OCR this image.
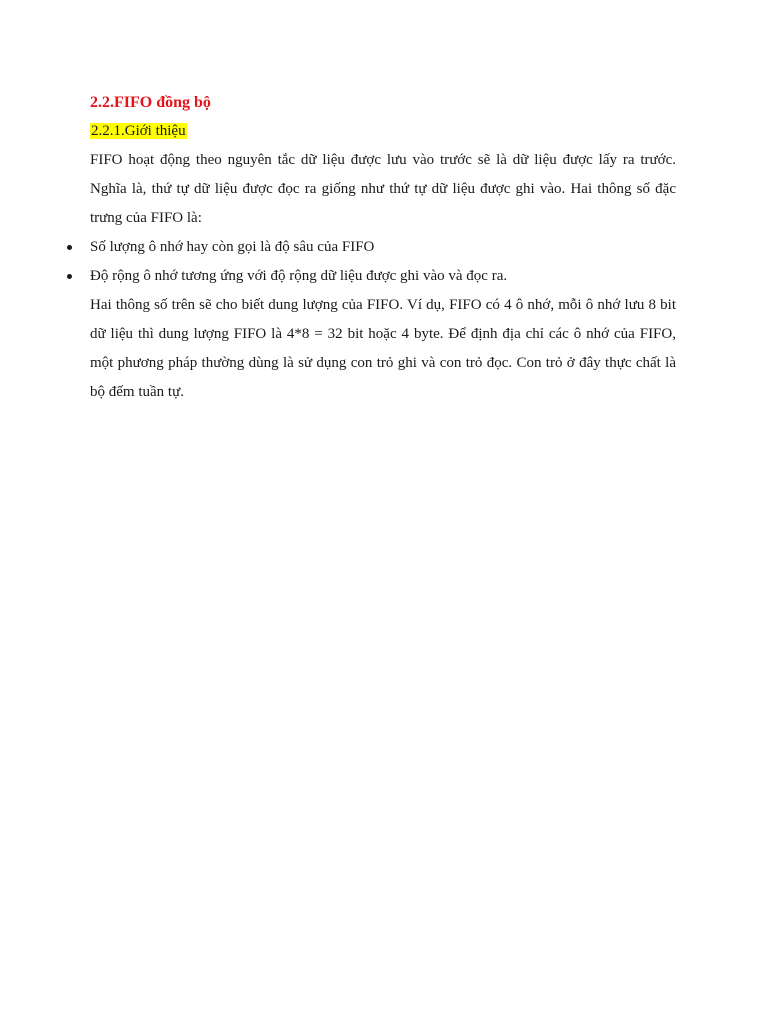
2.2.FIFO đồng bộ
2.2.1.Giới thiệu

FIFO hoạt động theo nguyên tắc dữ liệu được lưu vào trước sẽ là dữ liệu được lấy ra trước. Nghĩa là, thứ tự dữ liệu được đọc ra giống như thứ tự dữ liệu được ghi vào. Hai thông số đặc trưng của FIFO là:

Số lượng ô nhớ hay còn gọi là độ sâu của FIFO
Độ rộng ô nhớ tương ứng với độ rộng dữ liệu được ghi vào và đọc ra.

Hai thông số trên sẽ cho biết dung lượng của FIFO. Ví dụ, FIFO có 4 ô nhớ, mỗi ô nhớ lưu 8 bit dữ liệu thì dung lượng FIFO là 4*8 = 32 bit hoặc 4 byte. Để định địa chỉ các ô nhớ của FIFO, một phương pháp thường dùng là sử dụng con trỏ ghi và con trỏ đọc. Con trỏ ở đây thực chất là bộ đếm tuần tự.
